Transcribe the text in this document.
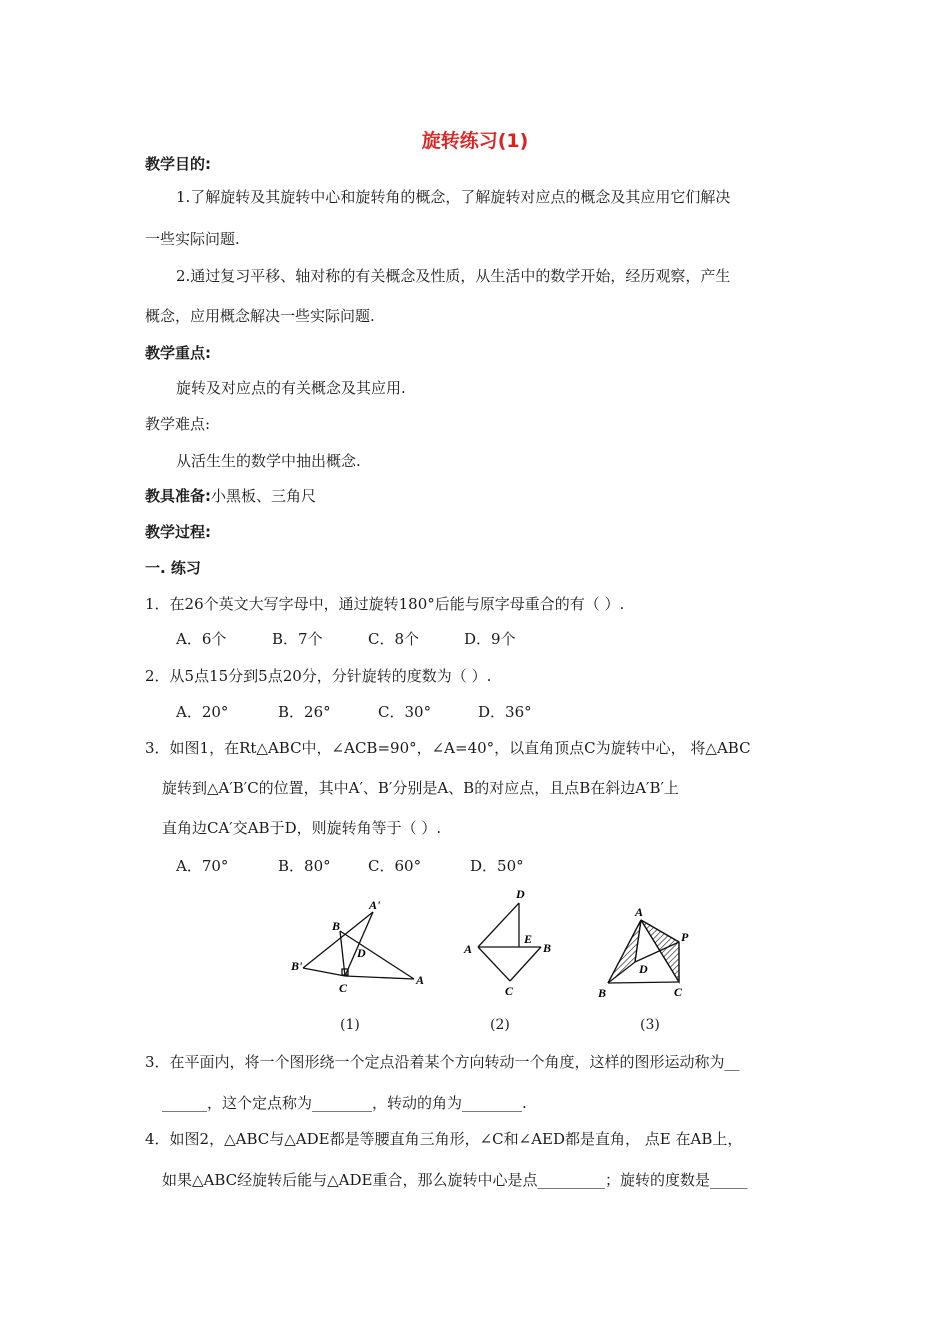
旋转练习(1)
教学目的:
1.了解旋转及其旋转中心和旋转角的概念，了解旋转对应点的概念及其应用它们解决
一些实际问题.
2.通过复习平移、轴对称的有关概念及性质，从生活中的数学开始，经历观察，产生
概念，应用概念解决一些实际问题.
教学重点:
旋转及对应点的有关概念及其应用.
教学难点:
从活生生的数学中抽出概念.
教具准备:小黑板、三角尺
教学过程:
一. 练习
1．在26个英文大写字母中，通过旋转180°后能与原字母重合的有（ ）.
A．6个	B．7个	C．8个	D．9个
2．从5点15分到5点20分，分针旋转的度数为（ ）.
A．20°	B．26°	C．30°	D．36°
3．如图1，在Rt△ABC中，∠ACB=90°，∠A=40°，以直角顶点C为旋转中心， 将△ABC
旋转到△A′B′C的位置，其中A′、B′分别是A、B的对应点，且点B在斜边A′B′上
直角边CA′交AB于D，则旋转角等于（ ）.
A．70°	B．80° C．60°	D．50°
A'
B
B'
D
C
A
(1)
D
A
E
B
C
(2)
A
P
D
B	C
(3)
3．在平面内，将一个图形绕一个定点沿着某个方向转动一个角度，这样的图形运动称为__
______，这个定点称为________，转动的角为________.
4．如图2，△ABC与△ADE都是等腰直角三角形，∠C和∠AED都是直角， 点E 在AB上，
如果△ABC经旋转后能与△ADE重合，那么旋转中心是点_________；旋转的度数是_____
